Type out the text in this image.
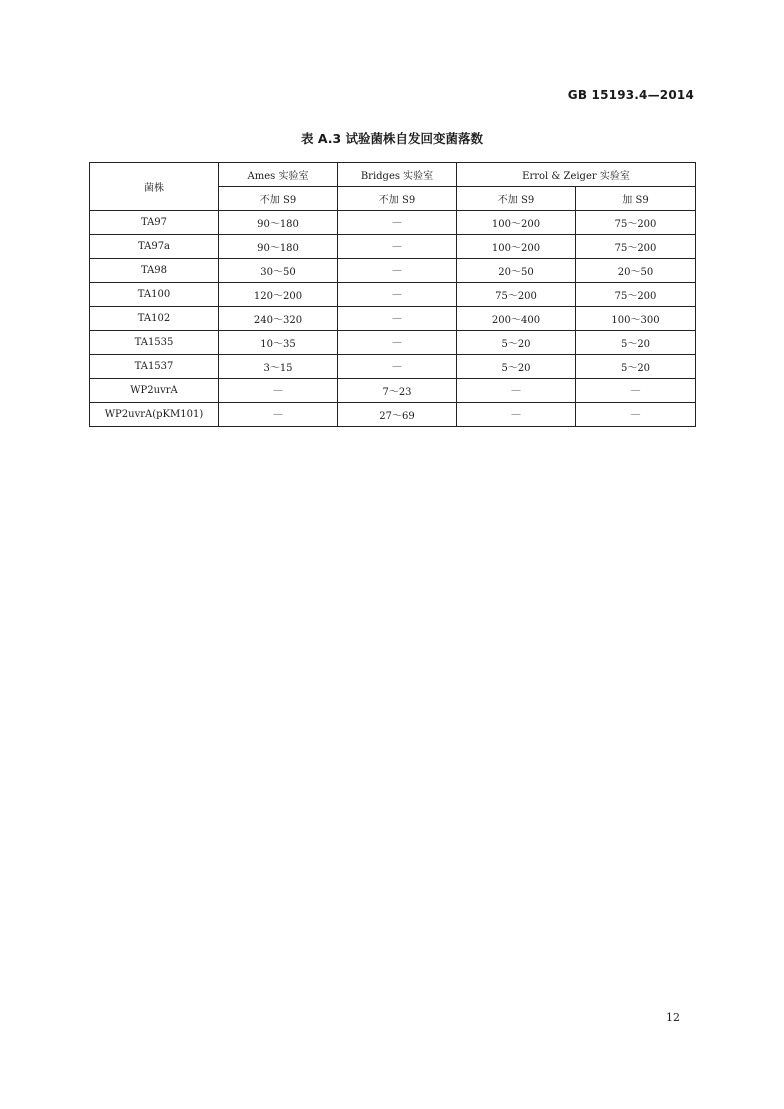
GB 15193.4—2014
表 A.3 试验菌株自发回变菌落数
菌株	Ames 实验室	Bridges 实验室	Errol & Zeiger 实验室	
	不加 S9	不加 S9	不加 S9	加 S9
TA97	90～180	—	100～200	75～200
TA97a	90～180	—	100～200	75～200
TA98	30～50	—	20～50	20～50
TA100	120～200	—	75～200	75～200
TA102	240～320	—	200～400	100～300
TA1535	10～35	—	5～20	5～20
TA1537	3～15	—	5～20	5～20
WP2uvrA	—	7～23	—	—
WP2uvrA(pKM101)	—	27～69	—	—
12
